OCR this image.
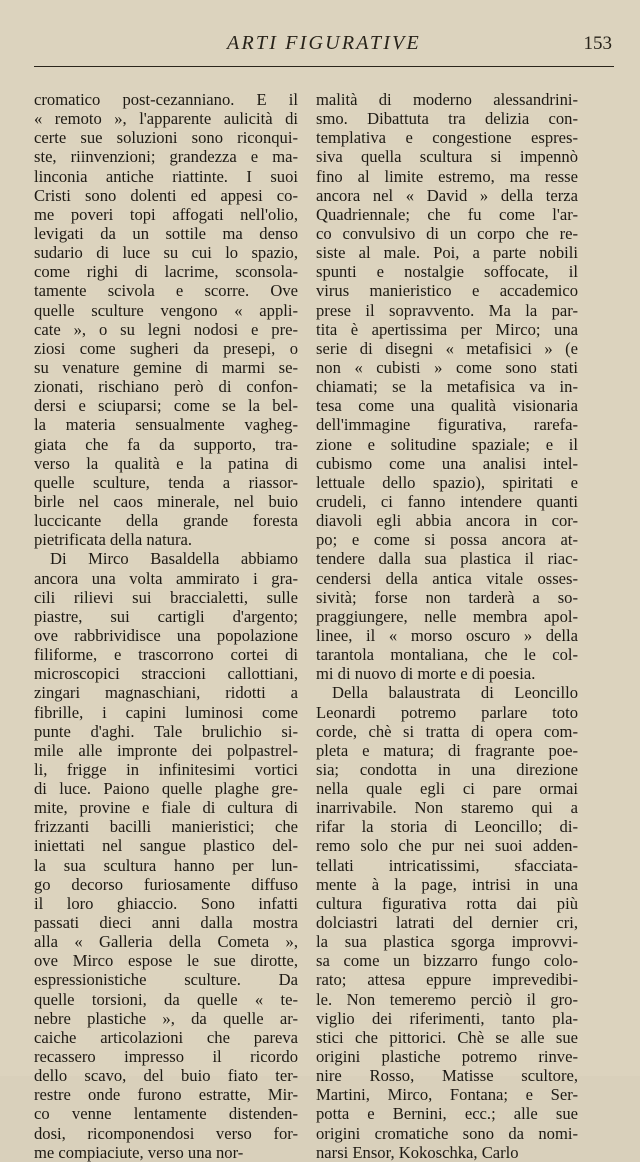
ARTI FIGURATIVE	153
cromatico post-cezanniano. E il
« remoto », l'apparente aulicità di
certe sue soluzioni sono riconqui-
ste, riinvenzioni; grandezza e ma-
linconia antiche riattinte. I suoi
Cristi sono dolenti ed appesi co-
me poveri topi affogati nell'olio,
levigati da un sottile ma denso
sudario di luce su cui lo spazio,
come righi di lacrime, sconsola-
tamente scivola e scorre. Ove
quelle sculture vengono « appli-
cate », o su legni nodosi e pre-
ziosi come sugheri da presepi, o
su venature gemine di marmi se-
zionati, rischiano però di confon-
dersi e sciuparsi; come se la bel-
la materia sensualmente vagheg-
giata che fa da supporto, tra-
verso la qualità e la patina di
quelle sculture, tenda a riassor-
birle nel caos minerale, nel buio
luccicante della grande foresta
pietrificata della natura.
Di Mirco Basaldella abbiamo
ancora una volta ammirato i gra-
cili rilievi sui braccialetti, sulle
piastre, sui cartigli d'argento;
ove rabbrividisce una popolazione
filiforme, e trascorrono cortei di
microscopici straccioni callottiani,
zingari magnaschiani, ridotti a
fibrille, i capini luminosi come
punte d'aghi. Tale brulichio si-
mile alle impronte dei polpastrel-
li, frigge in infinitesimi vortici
di luce. Paiono quelle plaghe gre-
mite, provine e fiale di cultura di
frizzanti bacilli manieristici; che
iniettati nel sangue plastico del-
la sua scultura hanno per lun-
go decorso furiosamente diffuso
il loro ghiaccio. Sono infatti
passati dieci anni dalla mostra
alla « Galleria della Cometa »,
ove Mirco espose le sue dirotte,
espressionistiche sculture. Da
quelle torsioni, da quelle « te-
nebre plastiche », da quelle ar-
caiche articolazioni che pareva
recassero impresso il ricordo
dello scavo, del buio fiato ter-
restre onde furono estratte, Mir-
co venne lentamente distenden-
dosi, ricomponendosi verso for-
me compiaciute, verso una nor-
malità di moderno alessandrini-
smo. Dibattuta tra delizia con-
templativa e congestione espres-
siva quella scultura si impennò
fino al limite estremo, ma resse
ancora nel « David » della terza
Quadriennale; che fu come l'ar-
co convulsivo di un corpo che re-
siste al male. Poi, a parte nobili
spunti e nostalgie soffocate, il
virus manieristico e accademico
prese il sopravvento. Ma la par-
tita è apertissima per Mirco; una
serie di disegni « metafisici » (e
non « cubisti » come sono stati
chiamati; se la metafisica va in-
tesa come una qualità visionaria
dell'immagine figurativa, rarefa-
zione e solitudine spaziale; e il
cubismo come una analisi intel-
lettuale dello spazio), spiritati e
crudeli, ci fanno intendere quanti
diavoli egli abbia ancora in cor-
po; e come si possa ancora at-
tendere dalla sua plastica il riac-
cendersi della antica vitale osses-
sività; forse non tarderà a so-
praggiungere, nelle membra apol-
linee, il « morso oscuro » della
tarantola montaliana, che le col-
mi di nuovo di morte e di poesia.
Della balaustrata di Leoncillo
Leonardi potremo parlare toto
corde, chè si tratta di opera com-
pleta e matura; di fragrante poe-
sia; condotta in una direzione
nella quale egli ci pare ormai
inarrivabile. Non staremo qui a
rifar la storia di Leoncillo; di-
remo solo che pur nei suoi adden-
tellati intricatissimi, sfacciata-
mente à la page, intrisi in una
cultura figurativa rotta dai più
dolciastri latrati del dernier cri,
la sua plastica sgorga improvvi-
sa come un bizzarro fungo colo-
rato; attesa eppure imprevedibi-
le. Non temeremo perciò il gro-
viglio dei riferimenti, tanto pla-
stici che pittorici. Chè se alle sue
origini plastiche potremo rinve-
nire Rosso, Matisse scultore,
Martini, Mirco, Fontana; e Ser-
potta e Bernini, ecc.; alle sue
origini cromatiche sono da nomi-
narsi Ensor, Kokoschka, Carlo
